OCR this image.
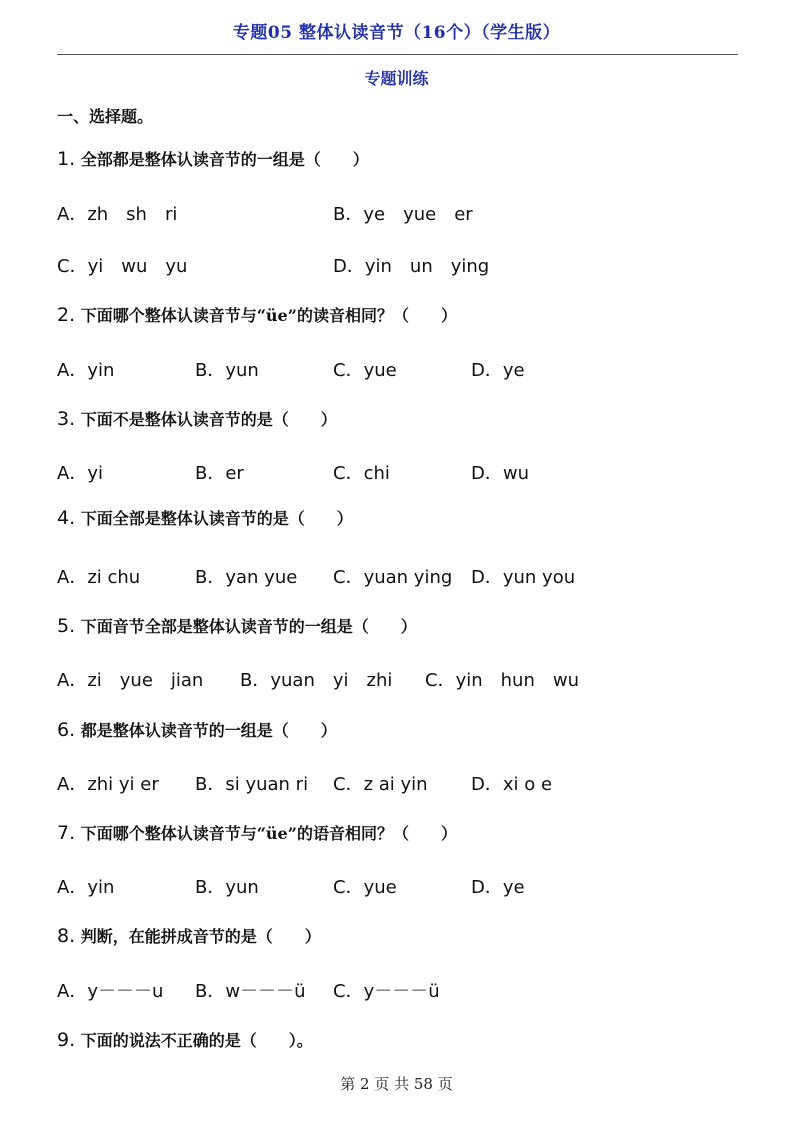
专题05 整体认读音节（16个）（学生版）
专题训练
一、选择题。
1. 全部都是整体认读音节的一组是（　　）
A．zh　sh　ri	B．ye　yue　er
C．yi　wu　yu	D．yin　un　ying
2. 下面哪个整体认读音节与“üe”的读音相同？（　　）
A．yin	B．yun	C．yue	D．ye
3. 下面不是整体认读音节的是（　　）
A．yi	B．er	C．chi	D．wu
4. 下面全部是整体认读音节的是（　　）
A．zi chu	B．yan yue C．yuan ying D．yun you
5. 下面音节全部是整体认读音节的一组是（　　）
A．zi　yue　jian B．yuan　yi　zhi C．yin　hun　wu
6. 都是整体认读音节的一组是（　　）
A．zhi yi er B．si yuan ri C．z ai yin D．xi o e
7. 下面哪个整体认读音节与“üe”的语音相同？（　　）
A．yin	B．yun	C．yue	D．ye
8. 判断，在能拼成音节的是（　　）
A．y－－－u B．w－－－ü C．y－－－ü
9. 下面的说法不正确的是（　　）。
第 2 页 共 58 页
